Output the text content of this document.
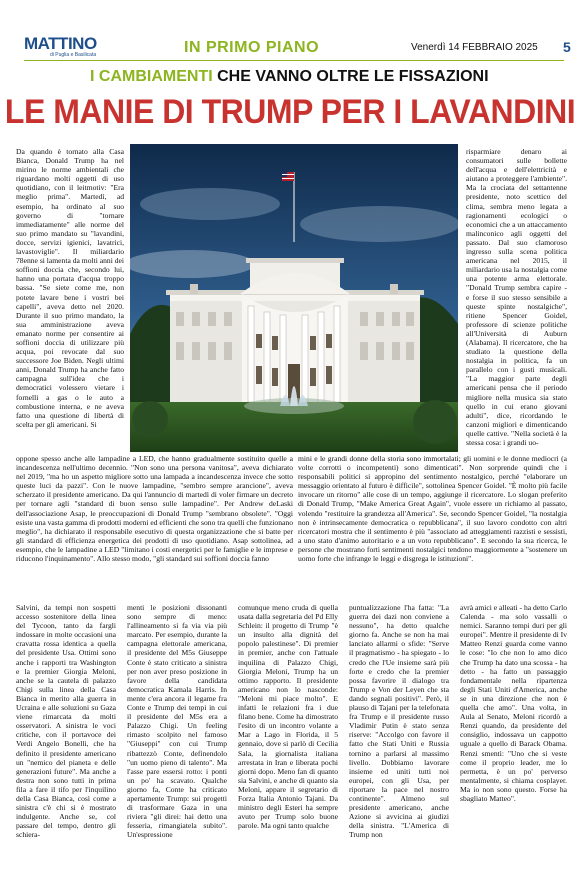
MATTINO
di Puglia e Basilicata	IN PRIMO PIANO	Venerdì 14 FEBBRAIO 2025 5
I CAMBIAMENTI CHE VANNO OLTRE LE FISSAZIONI
LE MANIE DI TRUMP PER I LAVANDINI
Da quando è tornato alla Casa Bianca, Donald Trump ha nel mirino le norme ambientali che riguardano molti oggetti di uso quotidiano, con il leitmotiv: "Era meglio prima". Martedì, ad esempio, ha ordinato al suo governo di "tornare immediatamente" alle norme del suo primo mandato su "lavandini, docce, servizi igienici, lavatrici, lavastoviglie". Il miliardario 78enne si lamenta da molti anni dei soffioni doccia che, secondo lui, hanno una portata d'acqua troppo bassa. "Se siete come me, non potete lavare bene i vostri bei capelli", aveva detto nel 2020. Durante il suo primo mandato, la sua amministrazione aveva emanato norme per consentire ai soffioni doccia di utilizzare più acqua, poi revocate dal suo successore Joe Biden. Negli ultimi anni, Donald Trump ha anche fatto campagna sull'idea che i democratici volessero vietare i fornelli a gas o le auto a combustione interna, e ne aveva fatto una questione di libertà di scelta per gli americani. Si
risparmiare denaro ai consumatori sulle bollette dell'acqua e dell'elettricità e aiutano a proteggere l'ambiente". Ma la crociata del settantenne presidente, noto scettico del clima, sembra meno legata a ragionamenti ecologici o economici che a un attaccamento malinconico agli oggetti del passato. Dal suo clamoroso ingresso sulla scena politica americana nel 2015, il miliardario usa la nostalgia come una potente arma elettorale. "Donald Trump sembra capire - e forse il suo stesso sensibile a queste spinte nostalgiche", ritiene Spencer Goidel, professore di scienze politiche all'Università di Auburn (Alabama). Il ricercatore, che ha studiato la questione della nostalgia in politica, fa un parallelo con i gusti musicali. "La maggior parte degli americani pensa che il periodo migliore nella musica sia stato quello in cui erano giovani adulti", dice, ricordando le canzoni migliori e dimenticando quelle cattive. "Nella società è la stessa cosa: i grandi uo-
oppone spesso anche alle lampadine a LED, che hanno gradualmente sostituito quelle a incandescenza nell'ultimo decennio. "Non sono una persona vanitosa", aveva dichiarato nel 2019, "ma ho un aspetto migliore sotto una lampada a incandescenza invece che sotto queste luci da pazzi". Con le nuove lampadine, "sembro sempre arancione", aveva scherzato il presidente americano. Da qui l'annuncio di martedì di voler firmare un decreto per tornare agli "standard di buon senso sulle lampadine". Per Andrew deLaski dell'associazione Asap, le preoccupazioni di Donald Trump "sembrano obsolete". "Oggi esiste una vasta gamma di prodotti moderni ed efficienti che sono tra quelli che funzionano meglio", ha dichiarato il responsabile esecutivo di questa organizzazione che si batte per gli standard di efficienza energetica dei prodotti di uso quotidiano. Asap sottolinea, ad esempio, che le lampadine a LED "limitano i costi energetici per le famiglie e le imprese e riducono l'inquinamento". Allo stesso modo, "gli standard sui soffioni doccia fanno
mini e le grandi donne della storia sono immortalati; gli uomini e le donne mediocri (a volte corrotti o incompetenti) sono dimenticati". Non sorprende quindi che i responsabili politici si appropino del sentimento nostalgico, perché "elaborare un messaggio orientato al futuro è difficile", sottolinea Spencer Goidel. "È molto più facile invocare un ritorno" alle cose di un tempo, aggiunge il ricercatore. Lo slogan preferito di Donald Trump, "Make America Great Again", vuole essere un richiamo al passato, volendo "restituire la grandezza all'America". Se, secondo Spencer Goidel, "la nostalgia non è intrinsecamente democratica o repubblicana", il suo lavoro condotto con altri ricercatori mostra che il sentimento è più "associato ad atteggiamenti razzisti e sessisti, a uno stato d'animo autoritario e a un voto repubblicano". E secondo la sua ricerca, le persone che mostrano forti sentimenti nostalgici tendono maggiormente a "sostenere un uomo forte che infrange le leggi e disgrega le istituzioni".
Salvini, da tempi non sospetti accesso sostenitore della linea del Tycoon, tanto da fargli indossare in molte occasioni una cravatta rossa identica a quella del presidente Usa. Ottimi sono anche i rapporti tra Washington e la premier Giorgia Meloni, anche se la cautela di palazzo Chigi sulla linea della Casa Bianca in merito alla guerra in Ucraina e alle soluzioni su Gaza viene rimarcata da molti osservatori. A sinistra le voci critiche, con il portavoce dei Verdi Angelo Bonelli, che ha definito il presidente americano un "nemico del pianeta e delle generazioni future". Ma anche a destra non sono tutti in prima fila a fare il tifo per l'inquilino della Casa Bianca, così come a sinistra c'è chi si è mostrato indulgente. Anche se, col passare del tempo, dentro gli schiera-
menti le posizioni dissonanti sono sempre di meno: l'allineamento si fa via via più marcato. Per esempio, durante la campagna elettorale americana, il presidente del M5s Giuseppe Conte è stato criticato a sinistra per non aver preso posizione in favore della candidata democratica Kamala Harris. In mente c'era ancora il legame fra Conte e Trump dei tempi in cui il presidente del M5s era a Palazzo Chigi. Un feeling rimasto scolpito nel famoso "Giuseppi" con cui Trump ribattezzò Conte, definendolo "un uomo pieno di talento". Ma l'asse pare essersi rotto: i ponti un po' ha scavato. Qualche giorno fa, Conte ha criticato apertamente Trump: sui progetti di trasformare Gaza in una riviera "gli direi: hai detto una fesseria, rimangiatela subito". Un'espressione
comunque meno cruda di quella usata dalla segretaria del Pd Elly Schlein: il progetto di Trump "è un insulto alla dignità del popolo palestinese". Di premier in premier, anche con l'attuale inquilina di Palazzo Chigi, Giorgia Meloni, Trump ha un ottimo rapporto. Il presidente americano non lo nasconde: "Meloni mi piace molto". E infatti le relazioni fra i due filano bene. Come ha dimostrato l'esito di un incontro volante a Mar a Lago in Florida, il 5 gennaio, dove si parlò di Cecilia Sala, la giornalista italiana arrestata in Iran e liberata pochi giorni dopo. Meno fan di quanto sia Salvini, e anche di quanto sia Meloni, appare il segretario di Forza Italia Antonio Tajani. Da ministro degli Esteri ha sempre avuto per Trump solo buone parole. Ma ogni tanto qualche
puntualizzazione l'ha fatta: "La guerra dei dazi non conviene a nessuno", ha detto qualche giorno fa. Anche se non ha mai lanciato allarmi o sfide: "Serve il pragmatismo - ha spiegato - lo credo che l'Ue insieme sarà più forte e credo che la premier possa favorire il dialogo tra Trump e Von der Leyen che sta dando segnali positivi". Però, il plauso di Tajani per la telefonata fra Trump e il presidente russo Vladimir Putin è stato senza riserve: "Accolgo con favore il fatto che Stati Uniti e Russia tornino a parlarsi al massimo livello. Dobbiamo lavorare insieme ed uniti tutti noi europei, con gli Usa, per riportare la pace nel nostro continente". Almeno sul presidente americano, anche Azione si avvicina ai giudizi della sinistra. "L'America di Trump non
avrà amici e alleati - ha detto Carlo Calenda - ma solo vassalli o nemici. Saranno tempi duri per gli europei". Mentre il presidente di Iv Matteo Renzi guarda come vanno le cose: "Io che non lo amo dico che Trump ha dato una scossa - ha detto - ha fatto un passaggio fondamentale nella ripartenza degli Stati Uniti d'America, anche se in una direzione che non è quella che amo". Una volta, in Aula al Senato, Meloni ricordò a Renzi quando, da presidente del consiglio, indossava un cappotto uguale a quello di Barack Obama. Renzi smentì: "Uno che si veste come il proprio leader, me lo permetta, è un po' perverso mentalmente, si chiama cosplayer. Ma io non sono questo. Forse ha sbagliato Matteo".
